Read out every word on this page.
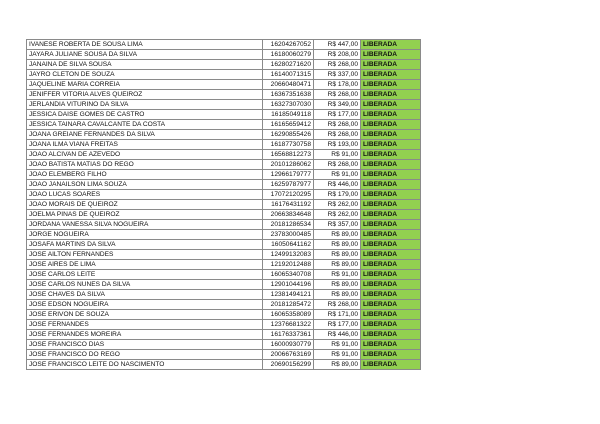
IVANESE ROBERTA DE SOUSA LIMA	16204267052	R$ 447,00	LIBERADA
JAYARA JULIANE SOUSA DA SILVA	16180060279	R$ 208,00	LIBERADA
JANAINA DE SILVA SOUSA	16280271620	R$ 268,00	LIBERADA
JAYRO CLETON DE SOUZA	16140071315	R$ 337,00	LIBERADA
JAQUELINE MARIA CORREIA	20660480471	R$ 178,00	LIBERADA
JENIFFER VITORIA ALVES QUEIROZ	16367351638	R$ 268,00	LIBERADA
JERLANDIA VITURINO DA SILVA	16327307030	R$ 349,00	LIBERADA
JESSICA DAISE GOMES DE CASTRO	16185049118	R$ 177,00	LIBERADA
JESSICA TAINARA CAVALCANTE DA COSTA	16165659412	R$ 268,00	LIBERADA
JOANA GREIANE FERNANDES DA SILVA	16290855426	R$ 268,00	LIBERADA
JOANA ILMA VIANA FREITAS	16187730758	R$ 193,00	LIBERADA
JOAO ALCIVAN DE AZEVEDO	16568812273	R$ 91,00	LIBERADA
JOAO BATISTA MATIAS DO REGO	20101286062	R$ 268,00	LIBERADA
JOAO ELEMBERG FILHO	12966179777	R$ 91,00	LIBERADA
JOAO JANAILSON LIMA SOUZA	16259787977	R$ 446,00	LIBERADA
JOAO LUCAS SOARES	17072120295	R$ 179,00	LIBERADA
JOAO MORAIS DE QUEIROZ	16176431192	R$ 262,00	LIBERADA
JOELMA PINAS DE QUEIROZ	20663834648	R$ 262,00	LIBERADA
JORDANA VANESSA SILVA NOGUEIRA	20181286534	R$ 357,00	LIBERADA
JORGE NOGUEIRA	23783000485	R$ 89,00	LIBERADA
JOSAFA MARTINS DA SILVA	16050641162	R$ 89,00	LIBERADA
JOSE AILTON FERNANDES	12499132083	R$ 89,00	LIBERADA
JOSE AIRES DE LIMA	12192012488	R$ 89,00	LIBERADA
JOSE CARLOS LEITE	16065340708	R$ 91,00	LIBERADA
JOSE CARLOS NUNES DA SILVA	12901044196	R$ 89,00	LIBERADA
JOSE CHAVES DA SILVA	12381494121	R$ 89,00	LIBERADA
JOSE EDSON NOGUEIRA	20181285472	R$ 268,00	LIBERADA
JOSE ERIVON DE SOUZA	16065358089	R$ 171,00	LIBERADA
JOSE FERNANDES	12376681322	R$ 177,00	LIBERADA
JOSE FERNANDES MOREIRA	16176337361	R$ 446,00	LIBERADA
JOSE FRANCISCO DIAS	16000930779	R$ 91,00	LIBERADA
JOSE FRANCISCO DO REGO	20066763169	R$ 91,00	LIBERADA
JOSE FRANCISCO LEITE DO NASCIMENTO	20690156299	R$ 89,00	LIBERADA
